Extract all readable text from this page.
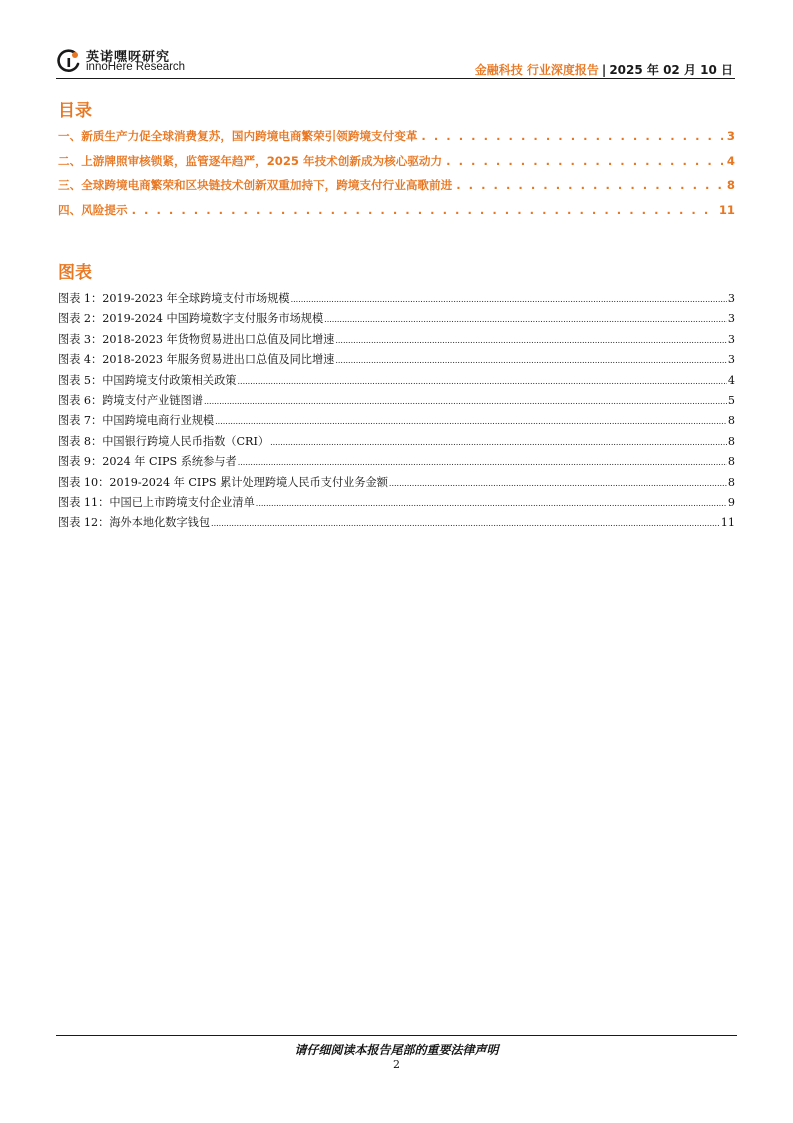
英诺嘿呀研究
innoHere Research	金融科技 行业深度报告 | 2025 年 02 月 10 日
目录
一、新质生产力促全球消费复苏，国内跨境电商繁荣引领跨境支付变革 . . .	3
二、上游牌照审核锁紧，监管逐年趋严，2025 年技术创新成为核心驱动力 . . .	4
三、全球跨境电商繁荣和区块链技术创新双重加持下，跨境支付行业高歌前进 . . .	8
四、风险提示 . . .	11
图表
图表 1：2019-2023 年全球跨境支付市场规模 .....	3
图表 2：2019-2024 中国跨境数字支付服务市场规模 .....	3
图表 3：2018-2023 年货物贸易进出口总值及同比增速 .....	3
图表 4：2018-2023 年服务贸易进出口总值及同比增速 .....	3
图表 5：中国跨境支付政策相关政策 .....	4
图表 6：跨境支付产业链图谱 .....	5
图表 7：中国跨境电商行业规模 .....	8
图表 8：中国银行跨境人民币指数（CRI） .....	8
图表 9：2024 年 CIPS 系统参与者 .....	8
图表 10：2019-2024 年 CIPS 累计处理跨境人民币支付业务金额 .....	8
图表 11：中国已上市跨境支付企业清单 .....	9
图表 12：海外本地化数字钱包 .....	11
请仔细阅读本报告尾部的重要法律声明
2
